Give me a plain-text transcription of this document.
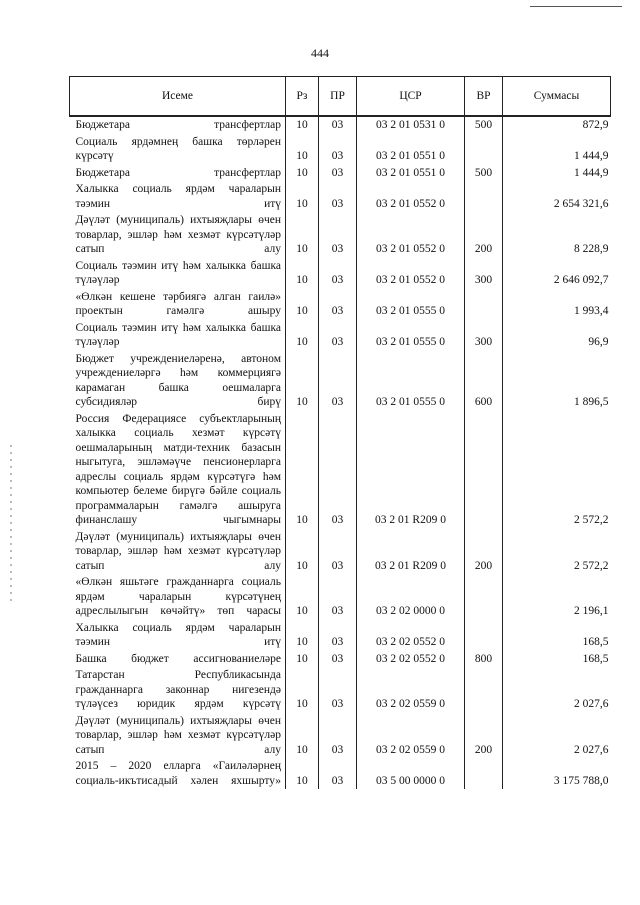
444
Исеме	Рз	ПР	ЦСР	ВР	Суммасы
Бюджетара трансфертлар	10	03	03 2 01 0531 0	500	872,9
Социаль ярдәмнең башка төрләрен күрсәтү	10	03	03 2 01 0551 0		1 444,9
Бюджетара трансфертлар	10	03	03 2 01 0551 0	500	1 444,9
Халыкка социаль ярдәм чараларын тәэмин итү	10	03	03 2 01 0552 0		2 654 321,6
Дәүләт (муниципаль) ихтыяҗлары өчен товарлар, эшләр һәм хезмәт күрсәтүләр сатып алу	10	03	03 2 01 0552 0	200	8 228,9
Социаль тәэмин итү һәм халыкка башка түләүләр	10	03	03 2 01 0552 0	300	2 646 092,7
«Өлкән кешене тәрбиягә алган гаилә» проектын гамәлгә ашыру	10	03	03 2 01 0555 0		1 993,4
Социаль тәэмин итү һәм халыкка башка түләүләр	10	03	03 2 01 0555 0	300	96,9
Бюджет учреждениеләренә, автоном учреждениеләргә һәм коммерциягә карамаган башка оешмаларга субсидияләр бирү	10	03	03 2 01 0555 0	600	1 896,5
Россия Федерациясе субъектларының халыкка социаль хезмәт күрсәтү оешмаларының матди-техник базасын ныгытуга, эшләмәүче пенсионерларга адреслы социаль ярдәм күрсәтүгә һәм компьютер белеме бирүгә бәйле социаль программаларын гамәлгә ашыруга финанслашу чыгымнары	10	03	03 2 01 R209 0		2 572,2
Дәүләт (муниципаль) ихтыяҗлары өчен товарлар, эшләр һәм хезмәт күрсәтүләр сатып алу	10	03	03 2 01 R209 0	200	2 572,2
«Өлкән яшьтәге гражданнарга социаль ярдәм чараларын күрсәтүнең адреслылыгын көчәйтү» төп чарасы	10	03	03 2 02 0000 0		2 196,1
Халыкка социаль ярдәм чараларын тәэмин итү	10	03	03 2 02 0552 0		168,5
Башка бюджет ассигнованиеләре	10	03	03 2 02 0552 0	800	168,5
Татарстан Республикасында гражданнарга законнар нигезендә түләүсез юридик ярдәм күрсәтү	10	03	03 2 02 0559 0		2 027,6
Дәүләт (муниципаль) ихтыяҗлары өчен товарлар, эшләр һәм хезмәт күрсәтүләр сатып алу	10	03	03 2 02 0559 0	200	2 027,6
2015 – 2020 елларга «Гаиләләрнең социаль-икътисадый хәлен яхшырту»	10	03	03 5 00 0000 0		3 175 788,0
